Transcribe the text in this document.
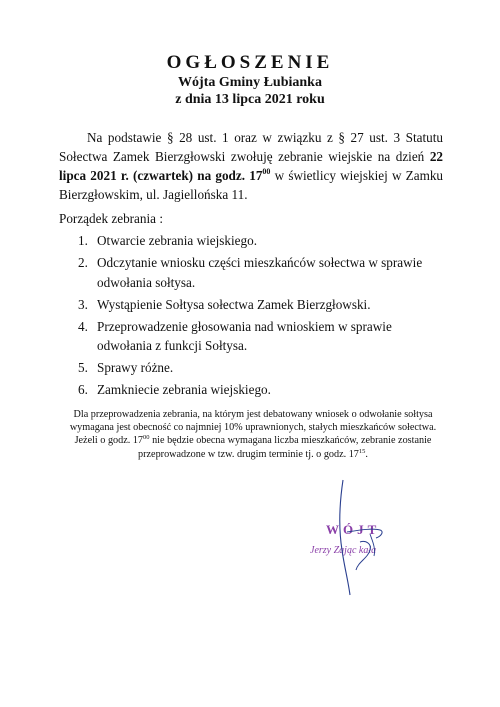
OGŁOSZENIE
Wójta Gminy Łubianka
z dnia 13 lipca 2021 roku

Na podstawie § 28 ust. 1 oraz w związku z § 27 ust. 3 Statutu Sołectwa Zamek Bierzgłowski zwołuję zebranie wiejskie na dzień 22 lipca 2021 r. (czwartek) na godz. $17^{00}$ w świetlicy wiejskiej w Zamku Bierzgłowskim, ul. Jagiellońska 11.

Porządek zebrania :
1. Otwarcie zebrania wiejskiego.
2. Odczytanie wniosku części mieszkańców sołectwa w sprawie odwołania sołtysa.
3. Wystąpienie Sołtysa sołectwa Zamek Bierzgłowski.
4. Przeprowadzenie głosowania nad wnioskiem w sprawie odwołania z funkcji Sołtysa.
5. Sprawy różne.
6. Zamkniecie zebrania wiejskiego.

Dla przeprowadzenia zebrania, na którym jest debatowany wniosek o odwołanie sołtysa wymagana jest obecność co najmniej 10% uprawnionych, stałych mieszkańców sołectwa. Jeżeli o godz. $17^{00}$ nie będzie obecna wymagana liczba mieszkańców, zebranie zostanie przeprowadzone w tzw. drugim terminie tj. o godz. $17^{15}$.

WÓJT
Jerzy Zając kała
